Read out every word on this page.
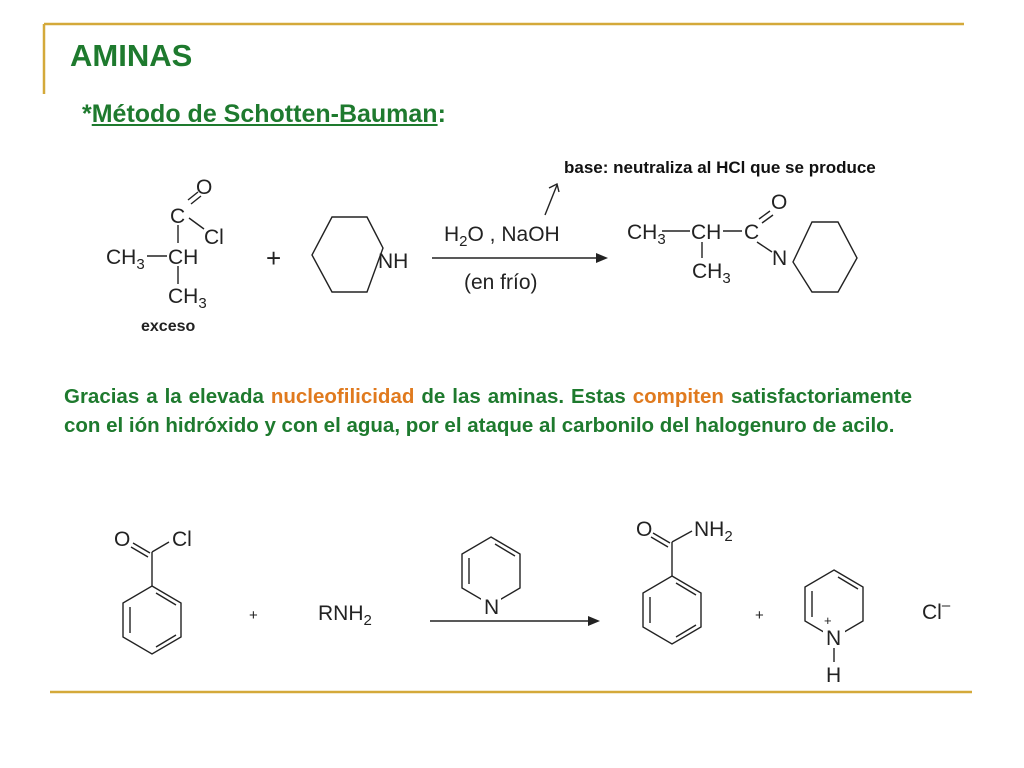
AMINAS
*Método de Schotten-Bauman:
base: neutraliza al HCl que se produce
Gracias a la elevada nucleofilicidad de las aminas. Estas compiten satisfactoriamente con el ión hidróxido y con el agua, por el ataque al carbonilo del halogenuro de acilo.
O
C
Cl
$CH_3$ CH
$CH_3$
exceso
+	NH
$H_2O$ , NaOH
(en frío)
$CH_3$ CH C
O
$CH_3$
N
O Cl
+	$RNH_2$
N
O $NH_2$
+	+
N
H
Cl–
